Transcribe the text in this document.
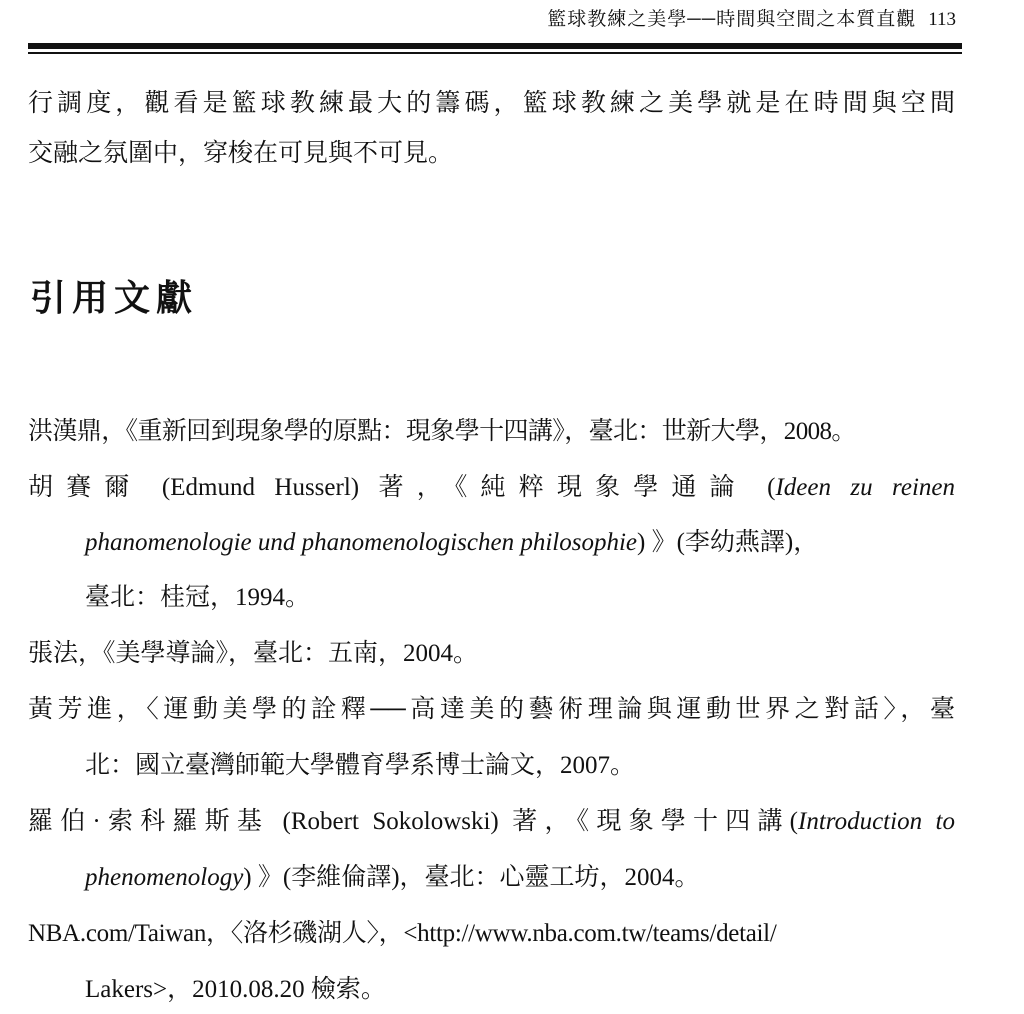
籃球教練之美學──時間與空間之本質直觀 113
行調度，觀看是籃球教練最大的籌碼，籃球教練之美學就是在時間與空間
交融之氛圍中，穿梭在可見與不可見。
引用文獻
洪漢鼎，《重新回到現象學的原點：現象學十四講》，臺北：世新大學，2008。
胡賽爾 (Edmund Husserl) 著，《純粹現象學通論 (Ideen zu reinen
phanomenologie und phanomenologischen philosophie) 》(李幼燕譯)，
臺北：桂冠，1994。
張法，《美學導論》，臺北：五南，2004。
黃芳進，〈運動美學的詮釋──高達美的藝術理論與運動世界之對話〉，臺
北：國立臺灣師範大學體育學系博士論文，2007。
羅伯·索科羅斯基 (Robert Sokolowski) 著，《現象學十四講(Introduction to
phenomenology) 》(李維倫譯)，臺北：心靈工坊，2004。
NBA.com/Taiwan，〈洛杉磯湖人〉，<http://www.nba.com.tw/teams/detail/
Lakers>，2010.08.20 檢索。
